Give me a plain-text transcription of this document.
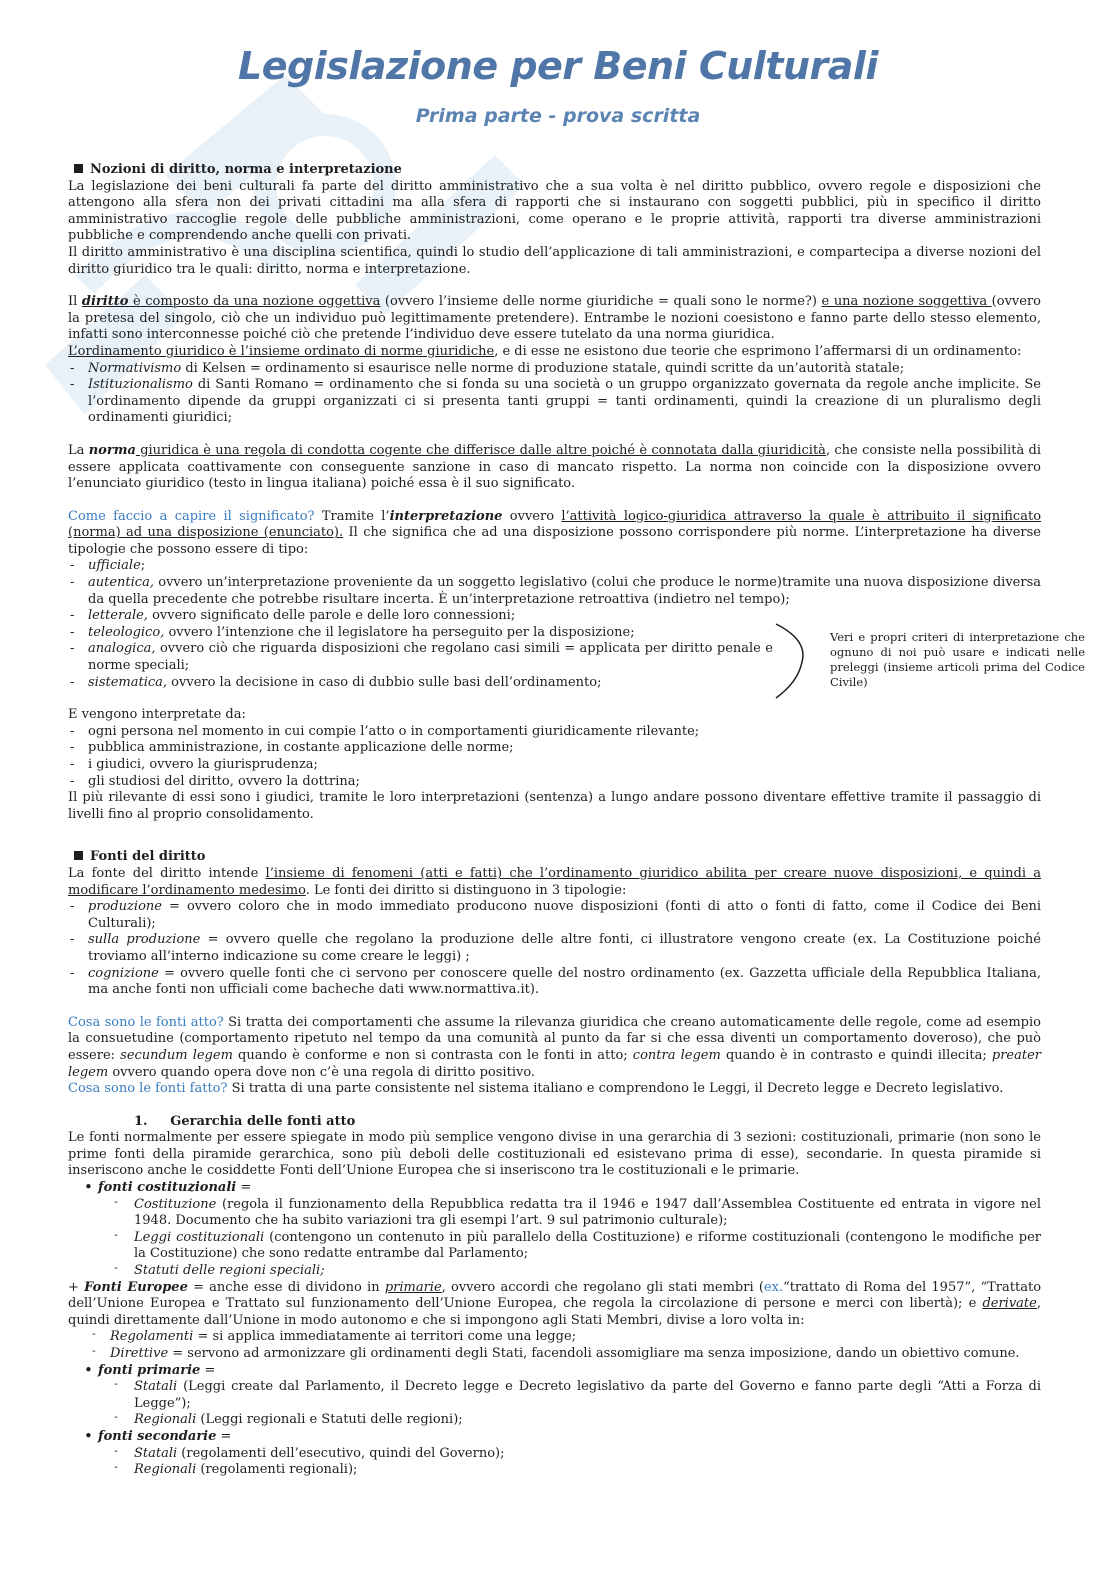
Legislazione per Beni Culturali
Prima parte - prova scritta
Nozioni di diritto, norma e interpretazione

La legislazione dei beni culturali fa parte del diritto amministrativo che a sua volta è nel diritto pubblico, ovvero regole e disposizioni che attengono alla sfera non dei privati cittadini ma alla sfera di rapporti che si instaurano con soggetti pubblici, più in specifico il diritto amministrativo raccoglie regole delle pubbliche amministrazioni, come operano e le proprie attività, rapporti tra diverse amministrazioni pubbliche e comprendendo anche quelli con privati.

Il diritto amministrativo è una disciplina scientifica, quindi lo studio dell’applicazione di tali amministrazioni, e compartecipa a diverse nozioni del diritto giuridico tra le quali: diritto, norma e interpretazione.

Il diritto è composto da una nozione oggettiva (ovvero l’insieme delle norme giuridiche = quali sono le norme?) e una nozione soggettiva (ovvero la pretesa del singolo, ciò che un individuo può legittimamente pretendere). Entrambe le nozioni coesistono e fanno parte dello stesso elemento, infatti sono interconnesse poiché ciò che pretende l’individuo deve essere tutelato da una norma giuridica.

L’ordinamento giuridico è l’insieme ordinato di norme giuridiche, e di esse ne esistono due teorie che esprimono l’affermarsi di un ordinamento:

- Normativismo di Kelsen = ordinamento si esaurisce nelle norme di produzione statale, quindi scritte da un’autorità statale;
- Istituzionalismo di Santi Romano = ordinamento che si fonda su una società o un gruppo organizzato governata da regole anche implicite. Se l’ordinamento dipende da gruppi organizzati ci si presenta tanti gruppi = tanti ordinamenti, quindi la creazione di un pluralismo degli ordinamenti giuridici;

La norma giuridica è una regola di condotta cogente che differisce dalle altre poiché è connotata dalla giuridicità, che consiste nella possibilità di essere applicata coattivamente con conseguente sanzione in caso di mancato rispetto. La norma non coincide con la disposizione ovvero l’enunciato giuridico (testo in lingua italiana) poiché essa è il suo significato.

Come faccio a capire il significato? Tramite l’interpretazione ovvero l’attività logico-giuridica attraverso la quale è attribuito il significato (norma) ad una disposizione (enunciato). Il che significa che ad una disposizione possono corrispondere più norme. L’interpretazione ha diverse tipologie che possono essere di tipo:

- ufficiale;
- autentica, ovvero un’interpretazione proveniente da un soggetto legislativo (colui che produce le norme)tramite una nuova disposizione diversa da quella precedente che potrebbe risultare incerta. È un’interpretazione retroattiva (indietro nel tempo);
- letterale, ovvero significato delle parole e delle loro connessioni;
- teleologico, ovvero l’intenzione che il legislatore ha perseguito per la disposizione;
- analogica, ovvero ciò che riguarda disposizioni che regolano casi simili = applicata per diritto penale e norme speciali;
- sistematica, ovvero la decisione in caso di dubbio sulle basi dell’ordinamento;

E vengono interpretate da:

- ogni persona nel momento in cui compie l’atto o in comportamenti giuridicamente rilevante;
- pubblica amministrazione, in costante applicazione delle norme;
- i giudici, ovvero la giurisprudenza;
- gli studiosi del diritto, ovvero la dottrina;

Il più rilevante di essi sono i giudici, tramite le loro interpretazioni (sentenza) a lungo andare possono diventare effettive tramite il passaggio di livelli fino al proprio consolidamento.

Fonti del diritto

La fonte del diritto intende l’insieme di fenomeni (atti e fatti) che l’ordinamento giuridico abilita per creare nuove disposizioni, e quindi a modificare l’ordinamento medesimo. Le fonti dei diritto si distinguono in 3 tipologie:

- produzione = ovvero coloro che in modo immediato producono nuove disposizioni (fonti di atto o fonti di fatto, come il Codice dei Beni Culturali);
- sulla produzione = ovvero quelle che regolano la produzione delle altre fonti, ci illustratore vengono create (ex. La Costituzione poiché troviamo all’interno indicazione su come creare le leggi) ;
- cognizione = ovvero quelle fonti che ci servono per conoscere quelle del nostro ordinamento (ex. Gazzetta ufficiale della Repubblica Italiana, ma anche fonti non ufficiali come bacheche dati www.normattiva.it).

Cosa sono le fonti atto? Si tratta dei comportamenti che assume la rilevanza giuridica che creano automaticamente delle regole, come ad esempio la consuetudine (comportamento ripetuto nel tempo da una comunità al punto da far si che essa diventi un comportamento doveroso), che può essere: secundum legem quando è conforme e non si contrasta con le fonti in atto; contra legem quando è in contrasto e quindi illecita; preater legem ovvero quando opera dove non c’è una regola di diritto positivo.

Cosa sono le fonti fatto? Si tratta di una parte consistente nel sistema italiano e comprendono le Leggi, il Decreto legge e Decreto legislativo.

1. Gerarchia delle fonti atto

Le fonti normalmente per essere spiegate in modo più semplice vengono divise in una gerarchia di 3 sezioni: costituzionali, primarie (non sono le prime fonti della piramide gerarchica, sono più deboli delle costituzionali ed esistevano prima di esse), secondarie. In questa piramide si inseriscono anche le cosiddette Fonti dell’Unione Europea che si inseriscono tra le costituzionali e le primarie.

• fonti costituzionali =
- Costituzione (regola il funzionamento della Repubblica redatta tra il 1946 e 1947 dall’Assemblea Costituente ed entrata in vigore nel 1948. Documento che ha subito variazioni tra gli esempi l’art. 9 sul patrimonio culturale);
- Leggi costituzionali (contengono un contenuto in più parallelo della Costituzione) e riforme costituzionali (contengono le modifiche per la Costituzione) che sono redatte entrambe dal Parlamento;
- Statuti delle regioni speciali;

+ Fonti Europee = anche esse di dividono in primarie, ovvero accordi che regolano gli stati membri (ex.“trattato di Roma del 1957”, “Trattato dell’Unione Europea e Trattato sul funzionamento dell’Unione Europea, che regola la circolazione di persone e merci con libertà); e derivate, quindi direttamente dall’Unione in modo autonomo e che si impongono agli Stati Membri, divise a loro volta in:

- Regolamenti = si applica immediatamente ai territori come una legge;
- Direttive = servono ad armonizzare gli ordinamenti degli Stati, facendoli assomigliare ma senza imposizione, dando un obiettivo comune.
• fonti primarie =
- Statali (Leggi create dal Parlamento, il Decreto legge e Decreto legislativo da parte del Governo e fanno parte degli “Atti a Forza di Legge”);
- Regionali (Leggi regionali e Statuti delle regioni);
• fonti secondarie =
- Statali (regolamenti dell’esecutivo, quindi del Governo);
- Regionali (regolamenti regionali);
Veri e propri criteri di interpretazione che ognuno di noi può usare e indicati nelle preleggi (insieme articoli prima del Codice Civile)
